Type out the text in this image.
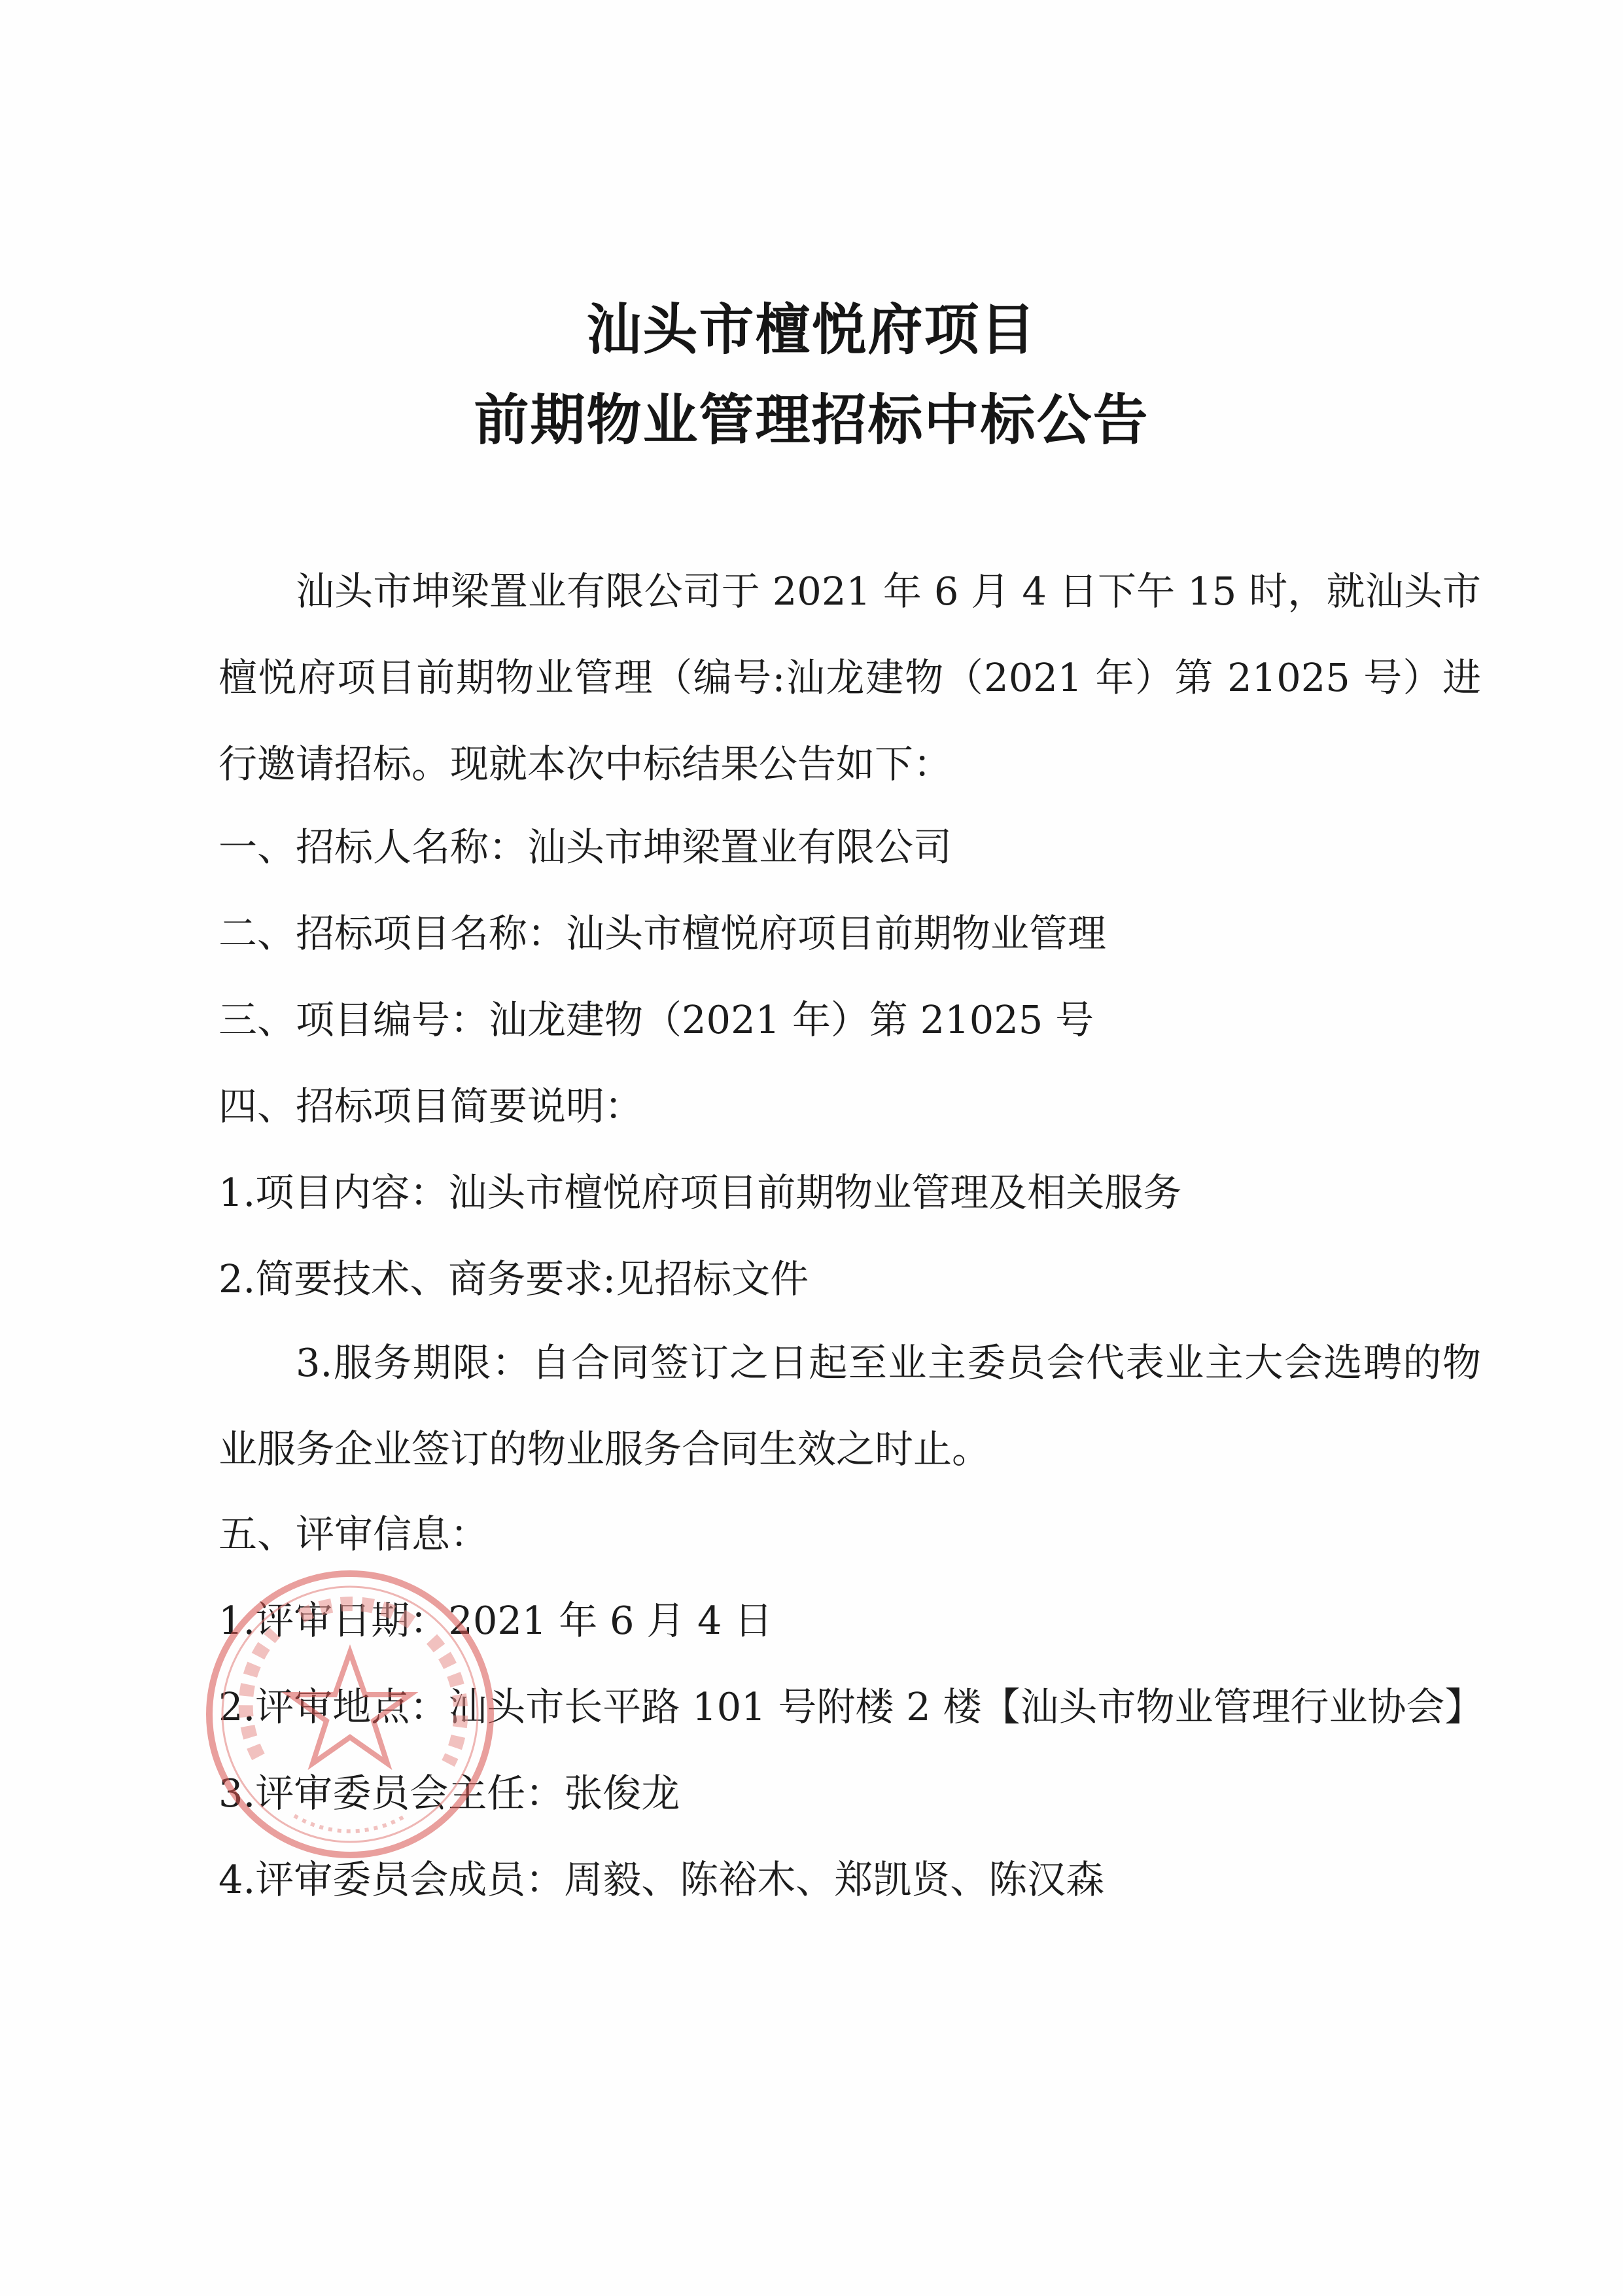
汕头市檀悦府项目
前期物业管理招标中标公告
汕头市坤梁置业有限公司于 2021 年 6 月 4 日下午 15 时，就汕头市檀悦府项目前期物业管理（编号:汕龙建物（2021 年）第 21025 号）进行邀请招标。现就本次中标结果公告如下：
一、招标人名称：汕头市坤梁置业有限公司
二、招标项目名称：汕头市檀悦府项目前期物业管理
三、项目编号：汕龙建物（2021 年）第 21025 号
四、招标项目简要说明：
1.项目内容：汕头市檀悦府项目前期物业管理及相关服务
2.简要技术、商务要求:见招标文件
3.服务期限：自合同签订之日起至业主委员会代表业主大会选聘的物业服务企业签订的物业服务合同生效之时止。
五、评审信息：
1.评审日期：2021 年 6 月 4 日
2.评审地点：汕头市长平路 101 号附楼 2 楼【汕头市物业管理行业协会】
3.评审委员会主任：张俊龙
4.评审委员会成员：周毅、陈裕木、郑凯贤、陈汉森
